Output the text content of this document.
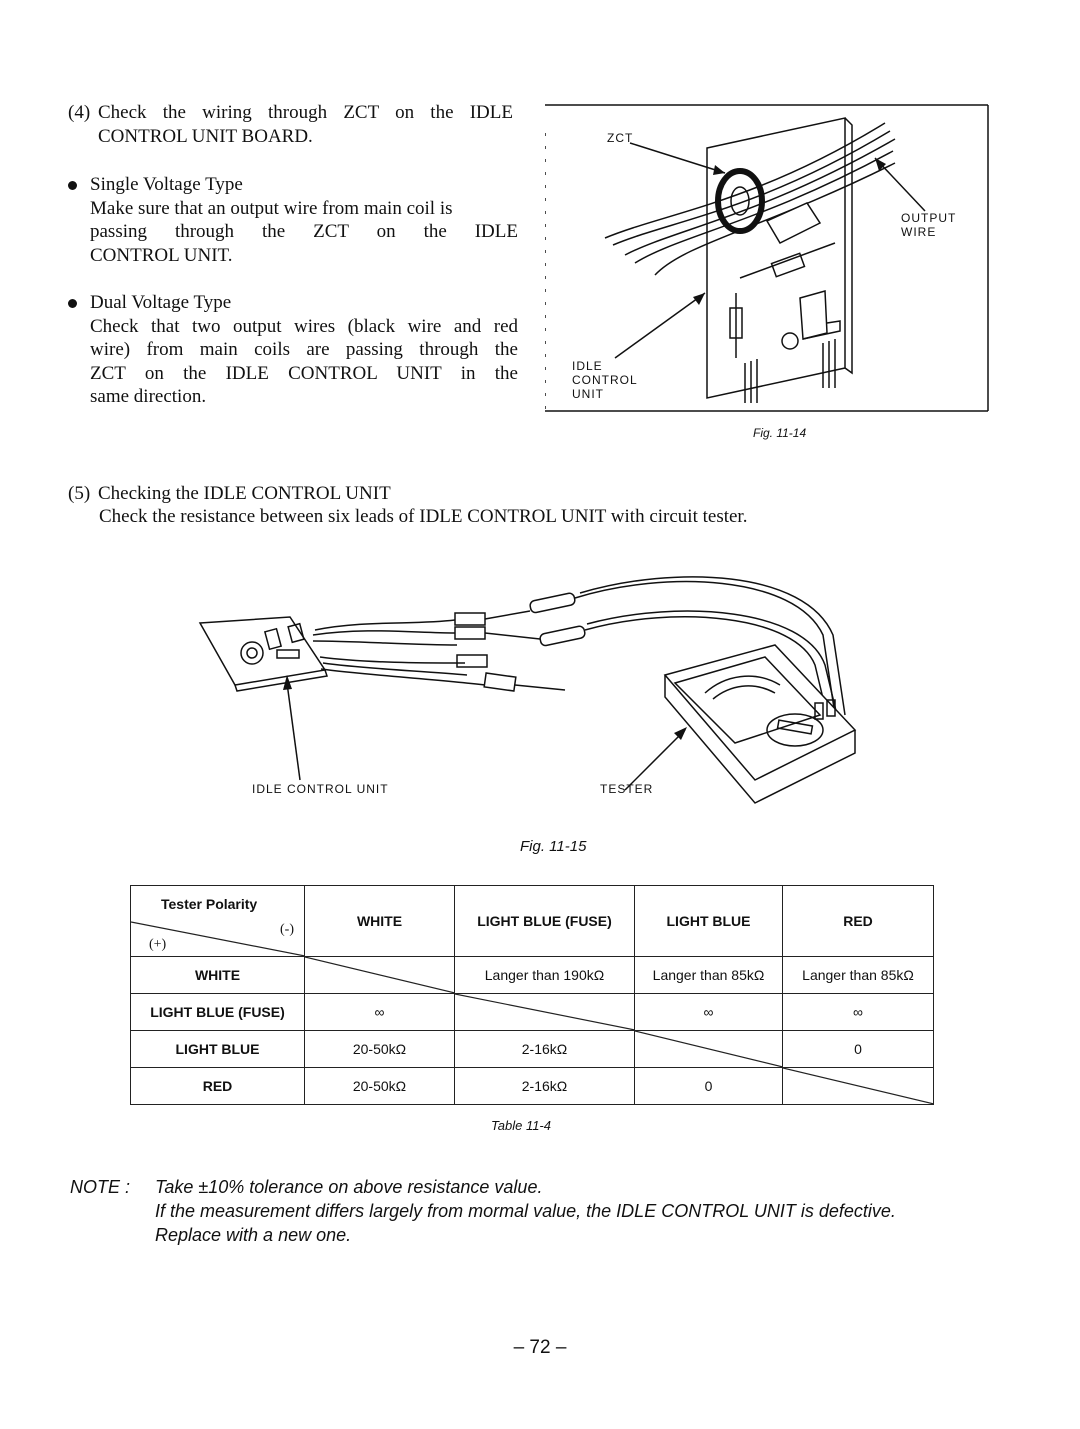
(4) Check the wiring through ZCT on the IDLE
CONTROL UNIT BOARD.
Single Voltage Type
Make sure that an output wire from main coil is
passing through the ZCT on the IDLE
CONTROL UNIT.
Dual Voltage Type
Check that two output wires (black wire and red
wire) from main coils are passing through the
ZCT on the IDLE CONTROL UNIT in the
same direction.
ZCT
OUTPUT
WIRE
IDLE
CONTROL
UNIT
Fig. 11-14
(5) Checking the IDLE CONTROL UNIT
Check the resistance between six leads of IDLE CONTROL UNIT with circuit tester.
IDLE CONTROL UNIT	TESTER
Fig. 11-15
Tester Polarity
(-)
(+)	WHITE	LIGHT BLUE (FUSE)	LIGHT BLUE	RED
WHITE		Langer than 190kΩ	Langer than 85kΩ	Langer than 85kΩ
LIGHT BLUE (FUSE)	∞		∞	∞
LIGHT BLUE	20-50kΩ	2-16kΩ		0
RED	20-50kΩ	2-16kΩ	0	
Table 11-4
NOTE : Take ±10% tolerance on above resistance value.
If the measurement differs largely from mormal value, the IDLE CONTROL UNIT is defective.
Replace with a new one.
– 72 –
